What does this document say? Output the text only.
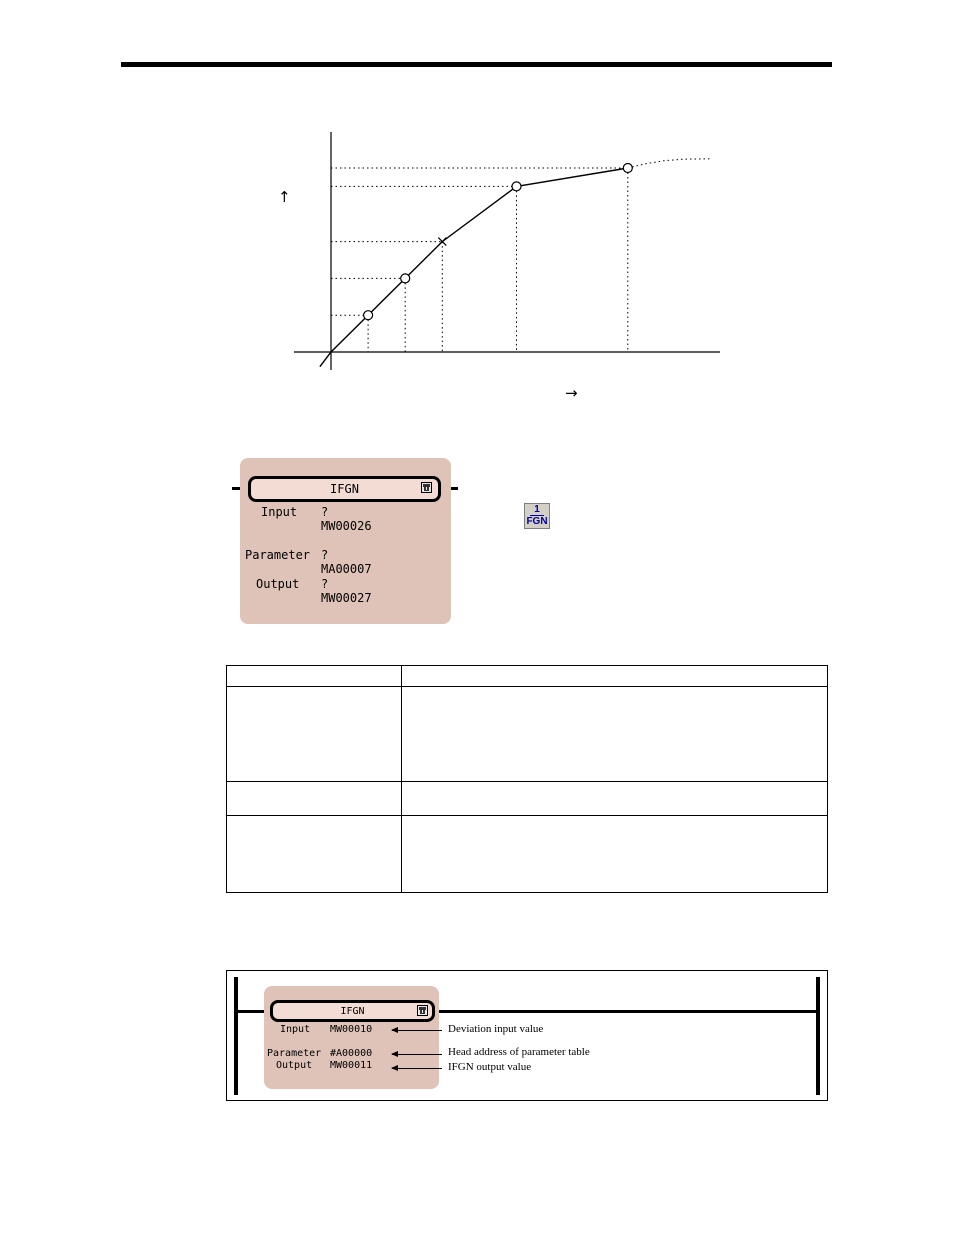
↑
→
IFGN
Input ?
MW00026
Parameter ?
MA00007
Output ?
MW00027
1
FGN

IFGN
Input MW00010
Parameter #A00000
Output MW00011
Deviation input value
Head address of parameter table
IFGN output value
